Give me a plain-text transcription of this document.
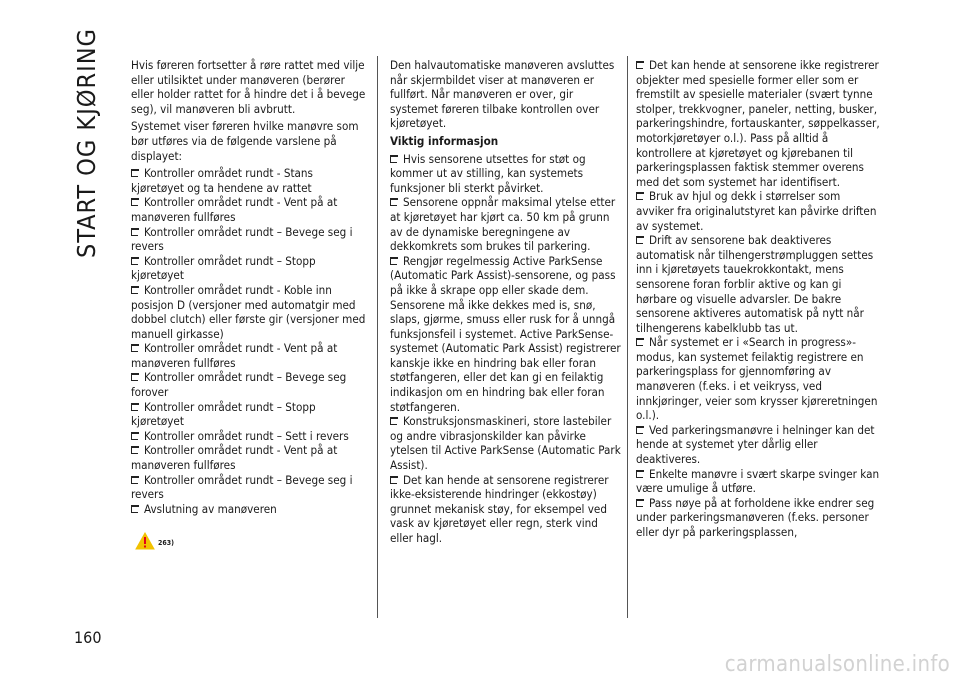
START OG KJØRING
160

Hvis føreren fortsetter å røre rattet med vilje eller utilsiktet under manøveren (berører eller holder rattet for å hindre det i å bevege seg), vil manøveren bli avbrutt.

Systemet viser føreren hvilke manøvre som bør utføres via de følgende varslene på displayet:

Kontroller området rundt - Stans kjøretøyet og ta hendene av rattet
Kontroller området rundt - Vent på at manøveren fullføres
Kontroller området rundt – Bevege seg i revers
Kontroller området rundt – Stopp kjøretøyet
Kontroller området rundt - Koble inn posisjon D (versjoner med automatgir med dobbel clutch) eller første gir (versjoner med manuell girkasse)
Kontroller området rundt - Vent på at manøveren fullføres
Kontroller området rundt – Bevege seg forover
Kontroller området rundt – Stopp kjøretøyet
Kontroller området rundt – Sett i revers
Kontroller området rundt - Vent på at manøveren fullføres
Kontroller området rundt – Bevege seg i revers
Avslutning av manøveren
263)

Den halvautomatiske manøveren avsluttes når skjermbildet viser at manøveren er fullført. Når manøveren er over, gir systemet føreren tilbake kontrollen over kjøretøyet.

Viktig informasjon

Hvis sensorene utsettes for støt og kommer ut av stilling, kan systemets funksjoner bli sterkt påvirket.
Sensorene oppnår maksimal ytelse etter at kjøretøyet har kjørt ca. 50 km på grunn av de dynamiske beregningene av dekkomkrets som brukes til parkering.
Rengjør regelmessig Active ParkSense (Automatic Park Assist)-sensorene, og pass på ikke å skrape opp eller skade dem. Sensorene må ikke dekkes med is, snø, slaps, gjørme, smuss eller rusk for å unngå funksjonsfeil i systemet. Active ParkSense-systemet (Automatic Park Assist) registrerer kanskje ikke en hindring bak eller foran støtfangeren, eller det kan gi en feilaktig indikasjon om en hindring bak eller foran støtfangeren.
Konstruksjonsmaskineri, store lastebiler og andre vibrasjonskilder kan påvirke ytelsen til Active ParkSense (Automatic Park Assist).
Det kan hende at sensorene registrerer ikke-eksisterende hindringer (ekkostøy) grunnet mekanisk støy, for eksempel ved vask av kjøretøyet eller regn, sterk vind eller hagl.
Det kan hende at sensorene ikke registrerer objekter med spesielle former eller som er fremstilt av spesielle materialer (svært tynne stolper, trekkvogner, paneler, netting, busker, parkeringshindre, fortauskanter, søppelkasser, motorkjøretøyer o.l.). Pass på alltid å kontrollere at kjøretøyet og kjørebanen til parkeringsplassen faktisk stemmer overens med det som systemet har identifisert.
Bruk av hjul og dekk i størrelser som avviker fra originalutstyret kan påvirke driften av systemet.
Drift av sensorene bak deaktiveres automatisk når tilhengerstrømpluggen settes inn i kjøretøyets tauekrokkontakt, mens sensorene foran forblir aktive og kan gi hørbare og visuelle advarsler. De bakre sensorene aktiveres automatisk på nytt når tilhengerens kabelklubb tas ut.
Når systemet er i «Search in progress»-modus, kan systemet feilaktig registrere en parkeringsplass for gjennomføring av manøveren (f.eks. i et veikryss, ved innkjøringer, veier som krysser kjøreretningen o.l.).
Ved parkeringsmanøvre i helninger kan det hende at systemet yter dårlig eller deaktiveres.
Enkelte manøvre i svært skarpe svinger kan være umulige å utføre.
Pass nøye på at forholdene ikke endrer seg under parkeringsmanøveren (f.eks. personer eller dyr på parkeringsplassen,
carmanualsonline.info
